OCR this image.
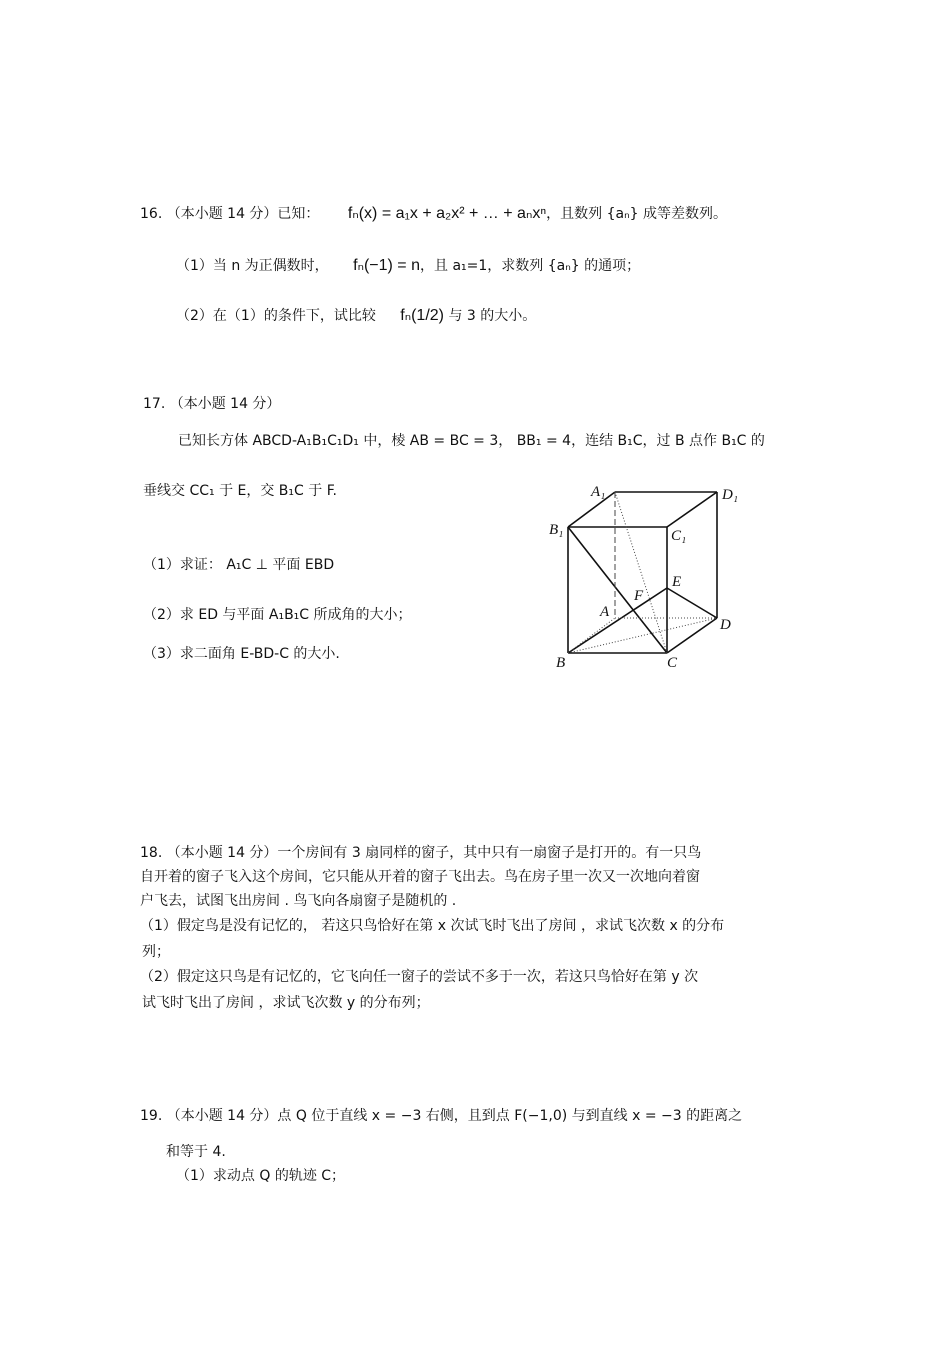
16. （本小题 14 分）已知： fₙ(x) = a₁x + a₂x² + … + aₙxⁿ，且数列 {aₙ} 成等差数列。
（1）当 n 为正偶数时， fₙ(−1) = n，且 a₁=1，求数列 {aₙ} 的通项；
（2）在（1）的条件下，试比较 fₙ(1/2) 与 3 的大小。
17. （本小题 14 分）
已知长方体 ABCD-A₁B₁C₁D₁ 中，棱 AB = BC = 3， BB₁ = 4，连结 B₁C，过 B 点作 B₁C 的
垂线交 CC₁ 于 E，交 B₁C 于 F.
（1）求证： A₁C ⊥ 平面 EBD
（2）求 ED 与平面 A₁B₁C 所成角的大小；
（3）求二面角 E-BD-C 的大小.
A₁	D₁
B₁	C₁
E
F
A
D
B	C
18. （本小题 14 分）一个房间有 3 扇同样的窗子，其中只有一扇窗子是打开的。有一只鸟
自开着的窗子飞入这个房间，它只能从开着的窗子飞出去。鸟在房子里一次又一次地向着窗
户飞去，试图飞出房间 . 鸟飞向各扇窗子是随机的 .
（1）假定鸟是没有记忆的， 若这只鸟恰好在第 x 次试飞时飞出了房间 ，求试飞次数 x 的分布
列；
（2）假定这只鸟是有记忆的，它飞向任一窗子的尝试不多于一次，若这只鸟恰好在第 y 次
试飞时飞出了房间 ，求试飞次数 y 的分布列；
19. （本小题 14 分）点 Q 位于直线 x = −3 右侧，且到点 F(−1,0) 与到直线 x = −3 的距离之
和等于 4.
（1）求动点 Q 的轨迹 C；
